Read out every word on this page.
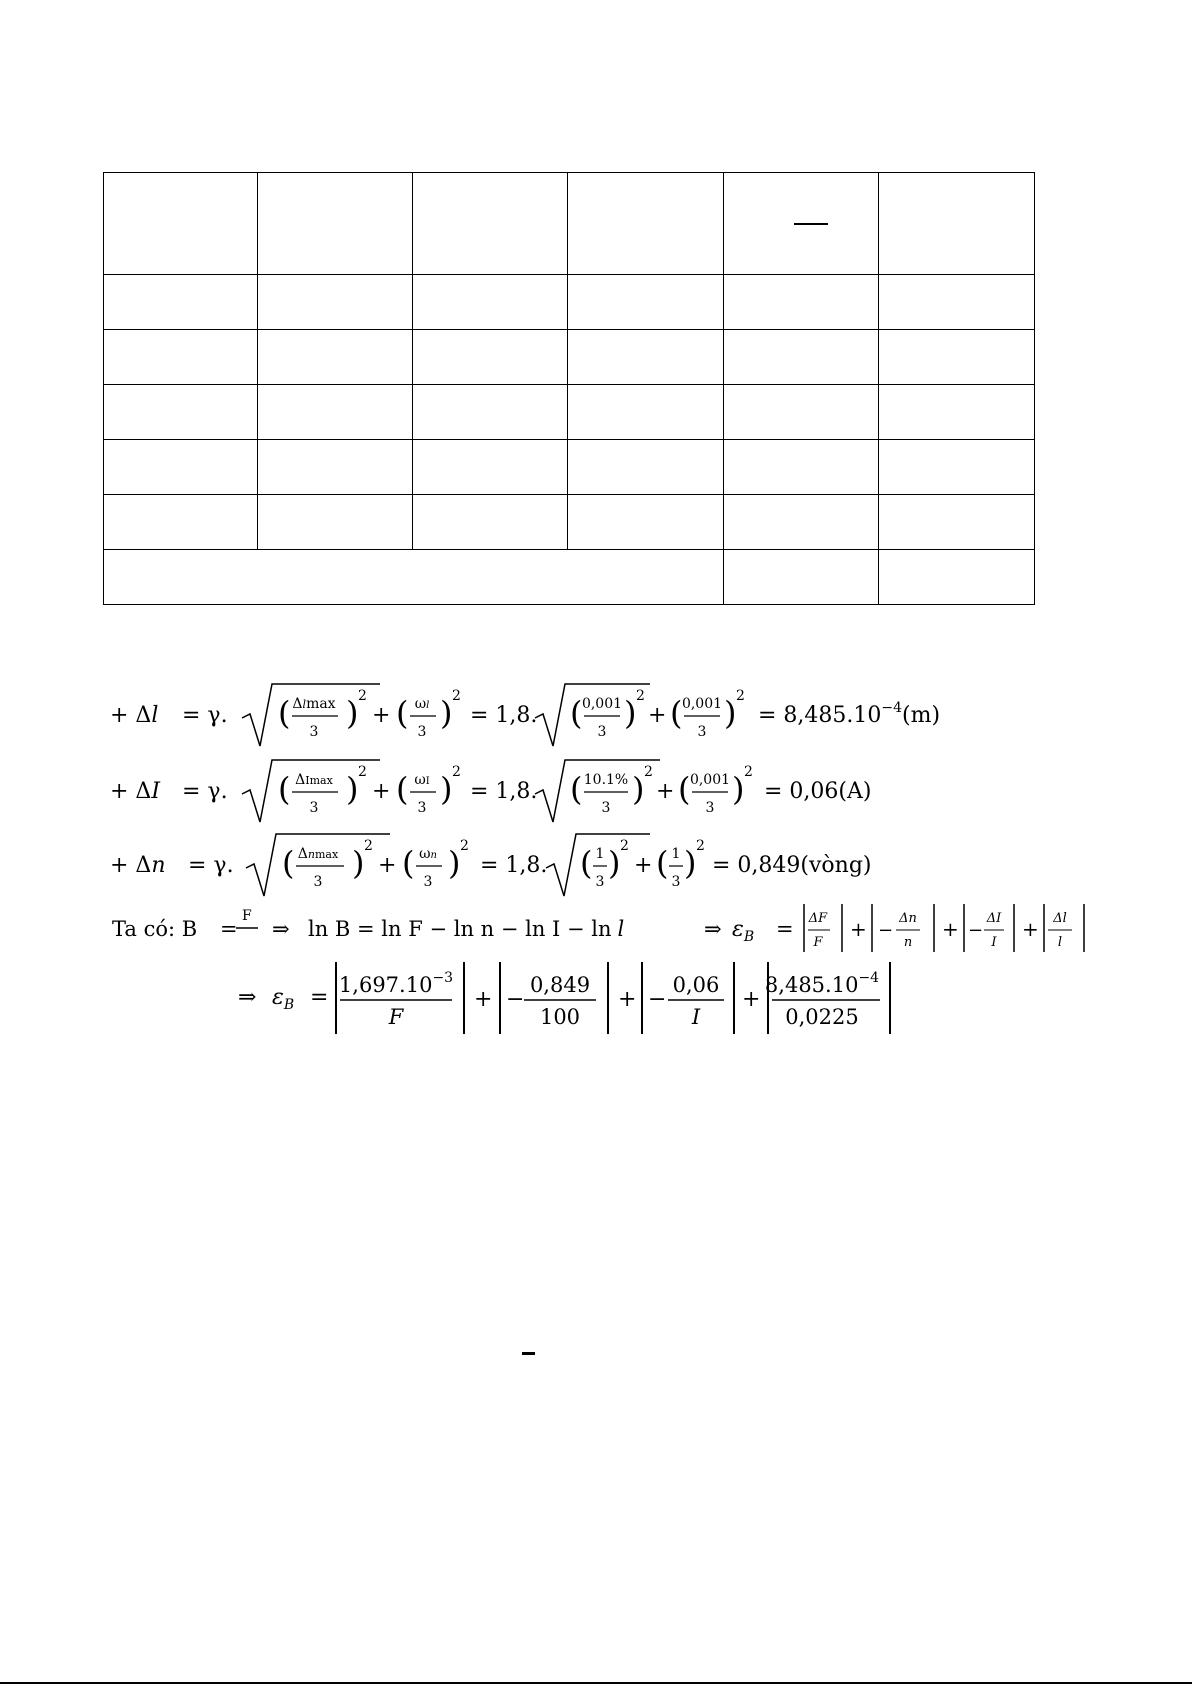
+ Δl = γ. ( )
Δlmax
3
2
+ ( )
ωl
3
2
= 1,8. ( )
0,001
3
2
+ ( )
0,001
3
2
= $8,485.10^{-4}(m)$
+ ΔI = γ. ( )
ΔImax
3
2
+ ( )
ωI
3
2
= 1,8. ( )
10.1%
3
2
+ ( )
0,001
3
2
= 0,06(A)
+ Δn = γ. ( )
Δnmax
3
2
+ ( )
ωn
3
2
= 1,8. ( )
1
3
2
+ ( )
1
3
2
= 0,849(vòng)
Ta có: B =
F
⇒ ln B = ln F − ln n − ln I − ln l	⇒ $\varepsilon_B = \Delta F$
F
+ −
Δn
n
+ −
ΔI
I
+ Δl
l
⇒ $\varepsilon_B = 1,697.10^{-3}$
F
+ −
0,849
100
+ −
0,06
I
+
$8,485.10^{-4}$
0,0225
